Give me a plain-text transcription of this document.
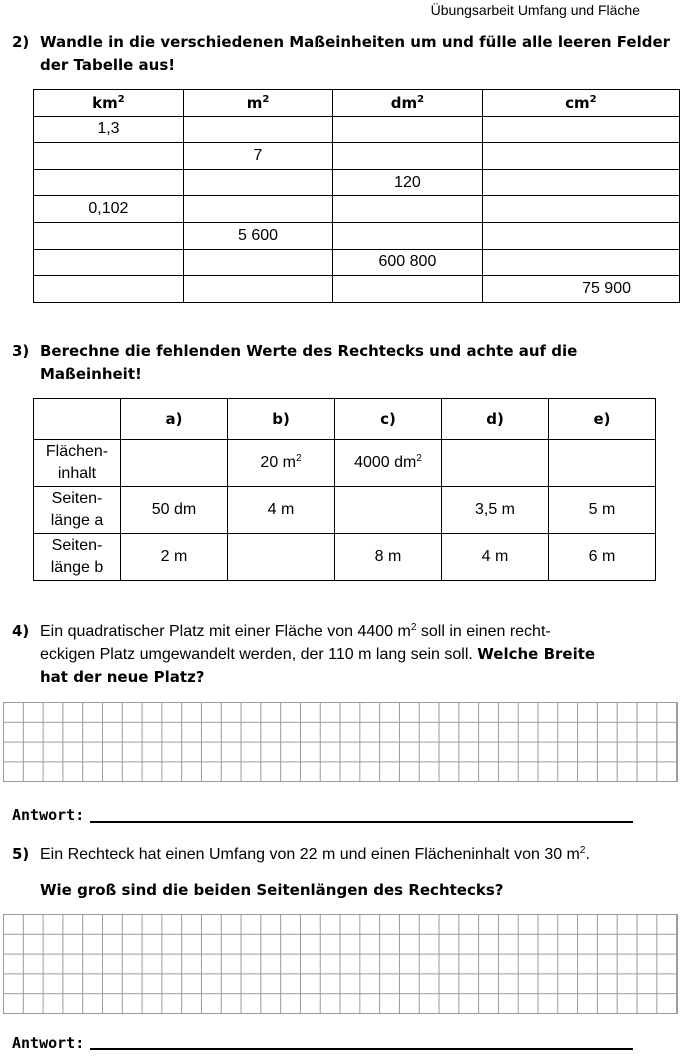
Übungsarbeit Umfang und Fläche
2) Wandle in die verschiedenen Maßeinheiten um und fülle alle leeren Felder
der Tabelle aus!
$km^2$	$m^2$	$dm^2$	$cm^2$
1,3			
	7		
		120	
0,102			
	5 600		
		600 800	
			75 900
3) Berechne die fehlenden Werte des Rechtecks und achte auf die
Maßeinheit!
	a)	b)	c)	d)	e)

Flächen-
inhalt		20 $m^2$	4000 $dm^2$		

Seiten-
länge a	50 dm	4 m		3,5 m	5 m

Seiten-
länge b	2 m		8 m	4 m	6 m
4) Ein quadratischer Platz mit einer Fläche von 4400 $m^2$ soll in einen recht-
eckigen Platz umgewandelt werden, der 110 m lang sein soll. Welche Breite
hat der neue Platz?
Antwort:
5) Ein Rechteck hat einen Umfang von 22 m und einen Flächeninhalt von 30 $m^2$.
Wie groß sind die beiden Seitenlängen des Rechtecks?
Antwort:
